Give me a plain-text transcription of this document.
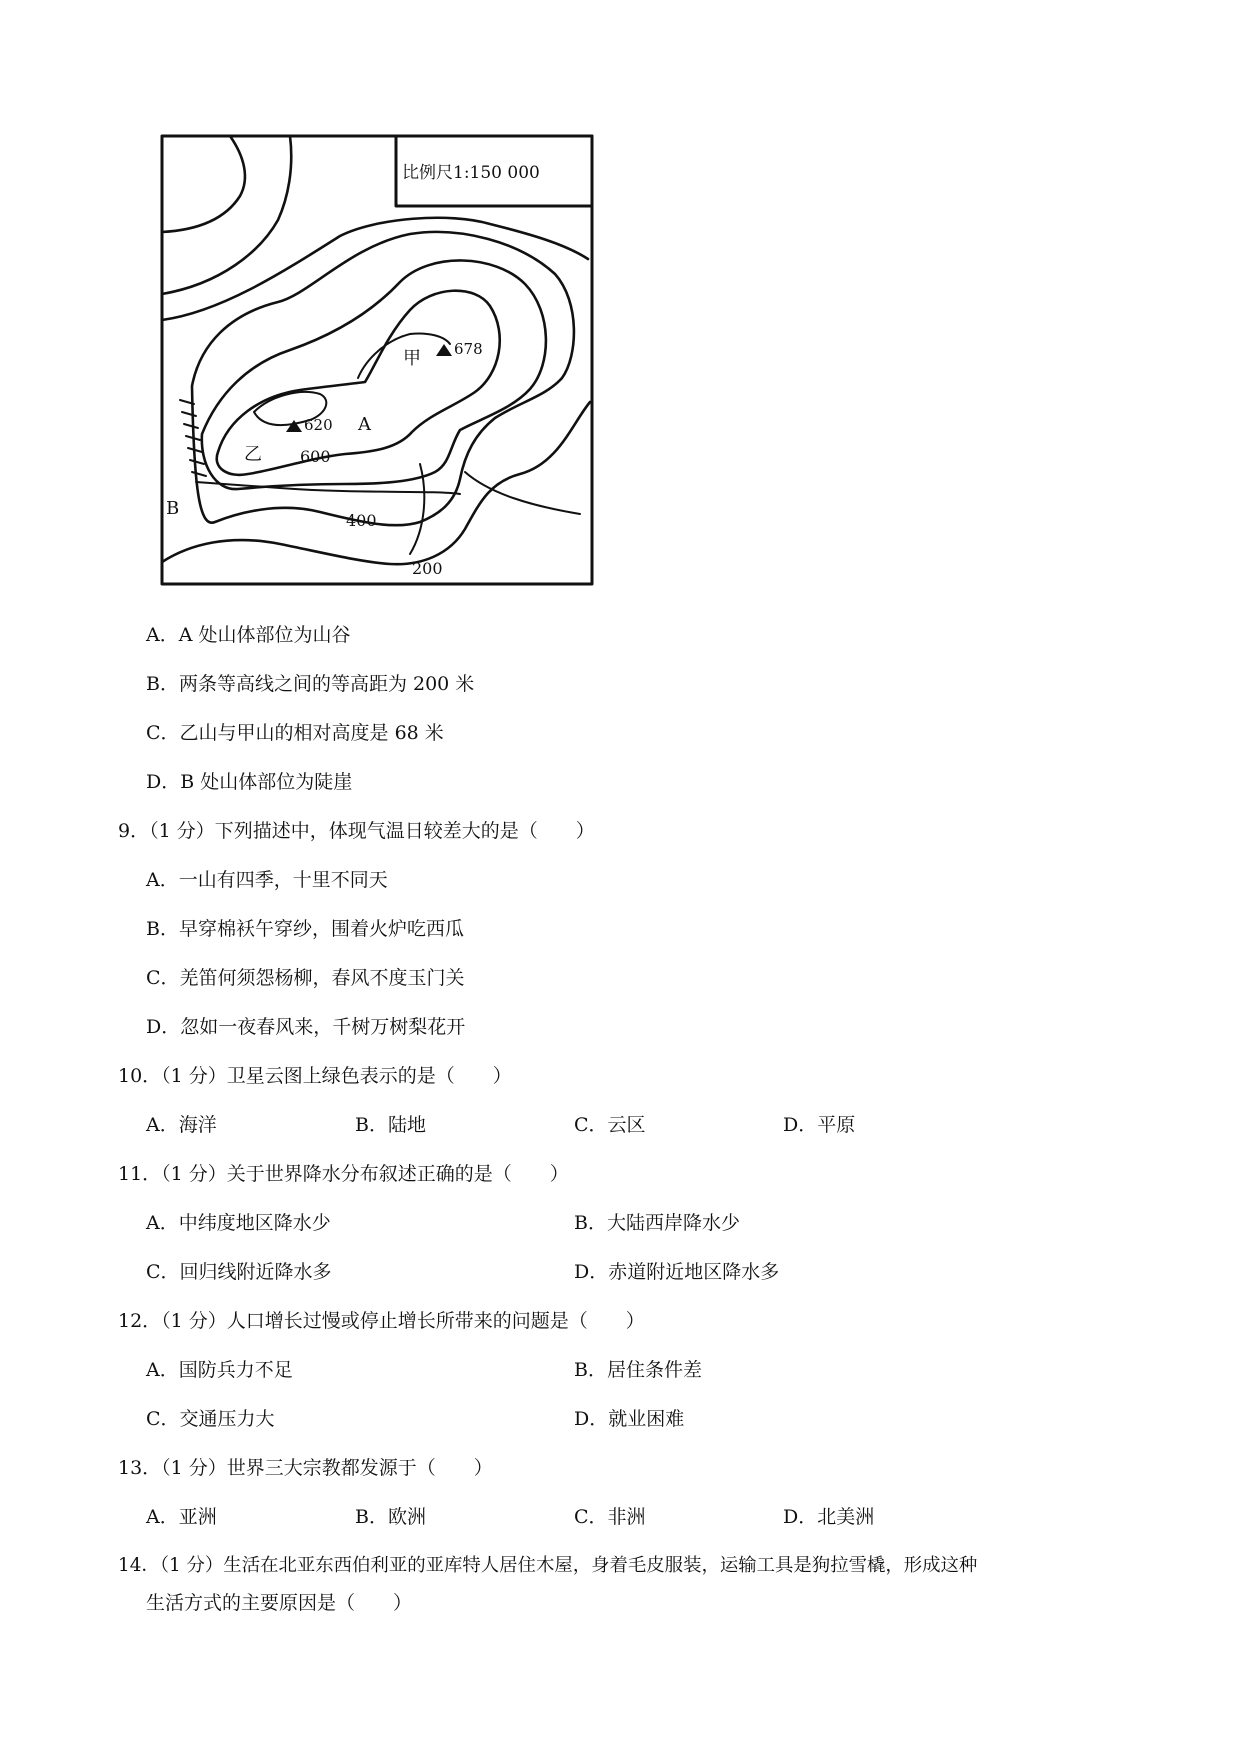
比例尺1:150 000
甲 678
乙
620 A
B
600
400
200
A．A 处山体部位为山谷
B．两条等高线之间的等高距为 200 米
C．乙山与甲山的相对高度是 68 米
D．B 处山体部位为陡崖
9．（1 分）下列描述中，体现气温日较差大的是（　　）
A．一山有四季，十里不同天
B．早穿棉袄午穿纱，围着火炉吃西瓜
C．羌笛何须怨杨柳，春风不度玉门关
D．忽如一夜春风来，千树万树梨花开
10．（1 分）卫星云图上绿色表示的是（　　）
A．海洋	B．陆地	C．云区	D．平原
11．（1 分）关于世界降水分布叙述正确的是（　　）
A．中纬度地区降水少	B．大陆西岸降水少
C．回归线附近降水多	D．赤道附近地区降水多
12．（1 分）人口增长过慢或停止增长所带来的问题是（　　）
A．国防兵力不足	B．居住条件差
C．交通压力大	D．就业困难
13．（1 分）世界三大宗教都发源于（　　）
A．亚洲	B．欧洲	C．非洲	D．北美洲
14．（1 分）生活在北亚东西伯利亚的亚库特人居住木屋，身着毛皮服装，运输工具是狗拉雪橇，形成这种
生活方式的主要原因是（　　）
